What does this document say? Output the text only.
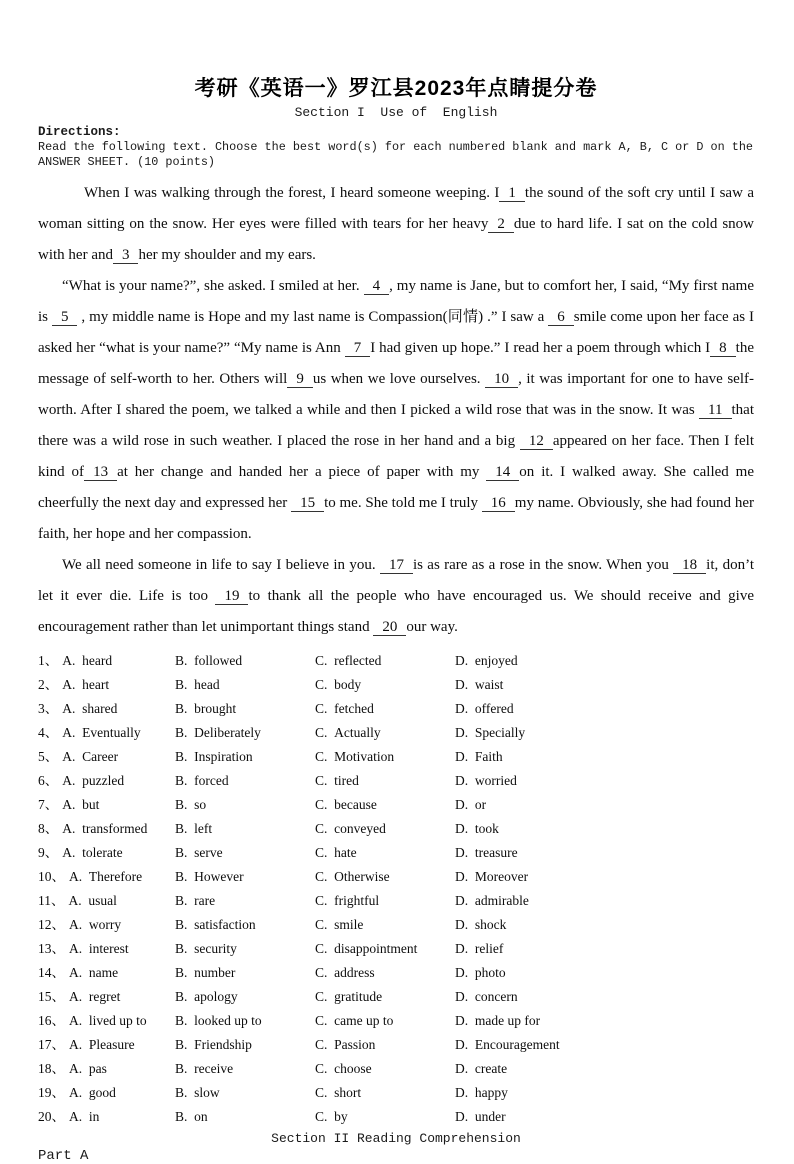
考研《英语一》罗江县2023年点睛提分卷
Section I  Use of  English
Directions:
Read the following text. Choose the best word(s) for each numbered blank and mark A, B, C or D on the ANSWER SHEET. (10 points)

When I was walking through the forest, I heard someone weeping. I 1 the sound of the soft cry until I saw a woman sitting on the snow. Her eyes were filled with tears for her heavy 2 due to hard life. I sat on the cold snow with her and 3 her my shoulder and my ears.

“What is your name?”, she asked. I smiled at her. 4 , my name is Jane, but to comfort her, I said, “My first name is 5 , my middle name is Hope and my last name is Compassion(同情) .” I saw a 6 smile come upon her face as I asked her “what is your name?” “My name is Ann 7 I had given up hope.” I read her a poem through which I 8 the message of self-worth to her. Others will 9 us when we love ourselves. 10 , it was important for one to have self- worth. After I shared the poem, we talked a while and then I picked a wild rose that was in the snow. It was 11 that there was a wild rose in such weather. I placed the rose in her hand and a big 12 appeared on her face. Then I felt kind of 13 at her change and handed her a piece of paper with my 14 on it. I walked away. She called me cheerfully the next day and expressed her 15 to me. She told me I truly 16 my name. Obviously, she had found her faith, her hope and her compassion.

We all need someone in life to say I believe in you. 17 is as rare as a rose in the snow. When you 18 it, don’t let it ever die. Life is too 19 to thank all the people who have encouraged us. We should receive and give encouragement rather than let unimportant things stand 20 our way.

1、 A.  heard	B.  followed	C.  reflected	D.  enjoyed
2、 A.  heart	B.  head	C.  body	D.  waist
3、 A.  shared	B.  brought	C.  fetched	D.  offered
4、 A.  Eventually	B.  Deliberately	C.  Actually	D.  Specially
5、 A.  Career	B.  Inspiration	C.  Motivation	D.  Faith
6、 A.  puzzled	B.  forced	C.  tired	D.  worried
7、 A.  but	B.  so	C.  because	D.  or
8、 A.  transformed	B.  left	C.  conveyed	D.  took
9、 A.  tolerate	B.  serve	C.  hate	D.  treasure
10、 A.  Therefore	B.  However	C.  Otherwise	D.  Moreover
11、 A.  usual	B.  rare	C.  frightful	D.  admirable
12、 A.  worry	B.  satisfaction	C.  smile	D.  shock
13、 A.  interest	B.  security	C.  disappointment	D.  relief
14、 A.  name	B.  number	C.  address	D.  photo
15、 A.  regret	B.  apology	C.  gratitude	D.  concern
16、 A.  lived up to	B.  looked up to	C.  came up to	D.  made up for
17、 A.  Pleasure	B.  Friendship	C.  Passion	D.  Encouragement
18、 A.  pas	B.  receive	C.  choose	D.  create
19、 A.  good	B.  slow	C.  short	D.  happy
20、 A.  in	B.  on	C.  by	D.  under
Section II Reading Comprehension
Part A
